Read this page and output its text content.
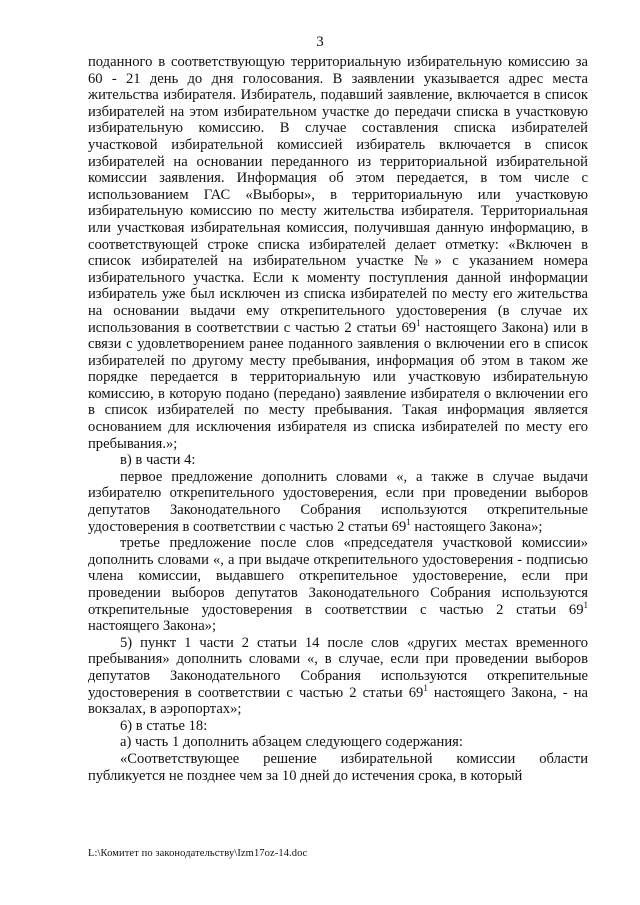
3

поданного в соответствующую территориальную избирательную комиссию за 60 - 21 день до дня голосования. В заявлении указывается адрес места жительства избирателя. Избиратель, подавший заявление, включается в список избирателей на этом избирательном участке до передачи списка в участковую избирательную комиссию. В случае составления списка избирателей участковой избирательной комиссией избиратель включается в список избирателей на основании переданного из территориальной избирательной комиссии заявления. Информация об этом передается, в том числе с использованием ГАС «Выборы», в территориальную или участковую избирательную комиссию по месту жительства избирателя. Территориальная или участковая избирательная комиссия, получившая данную информацию, в соответствующей строке списка избирателей делает отметку: «Включен в список избирателей на избирательном участке №» с указанием номера избирательного участка. Если к моменту поступления данной информации избиратель уже был исключен из списка избирателей по месту его жительства на основании выдачи ему открепительного удостоверения (в случае их использования в соответствии с частью 2 статьи $69^1$ настоящего Закона) или в связи с удовлетворением ранее поданного заявления о включении его в список избирателей по другому месту пребывания, информация об этом в таком же порядке передается в территориальную или участковую избирательную комиссию, в которую подано (передано) заявление избирателя о включении его в список избирателей по месту пребывания. Такая информация является основанием для исключения избирателя из списка избирателей по месту его пребывания.»;

в) в части 4:

первое предложение дополнить словами «, а также в случае выдачи избирателю открепительного удостоверения, если при проведении выборов депутатов Законодательного Собрания используются открепительные удостоверения в соответствии с частью 2 статьи $69^1$ настоящего Закона»;

третье предложение после слов «председателя участковой комиссии» дополнить словами «, а при выдаче открепительного удостоверения - подписью члена комиссии, выдавшего открепительное удостоверение, если при проведении выборов депутатов Законодательного Собрания используются открепительные удостоверения в соответствии с частью 2 статьи $69^1$ настоящего Закона»;

5) пункт 1 части 2 статьи 14 после слов «других местах временного пребывания» дополнить словами «, в случае, если при проведении выборов депутатов Законодательного Собрания используются открепительные удостоверения в соответствии с частью 2 статьи $69^1$ настоящего Закона, - на вокзалах, в аэропортах»;

6) в статье 18:

а) часть 1 дополнить абзацем следующего содержания:

«Соответствующее решение избирательной комиссии области публикуется не позднее чем за 10 дней до истечения срока, в который

L:\Комитет по законодательству\Izm17oz-14.doc
